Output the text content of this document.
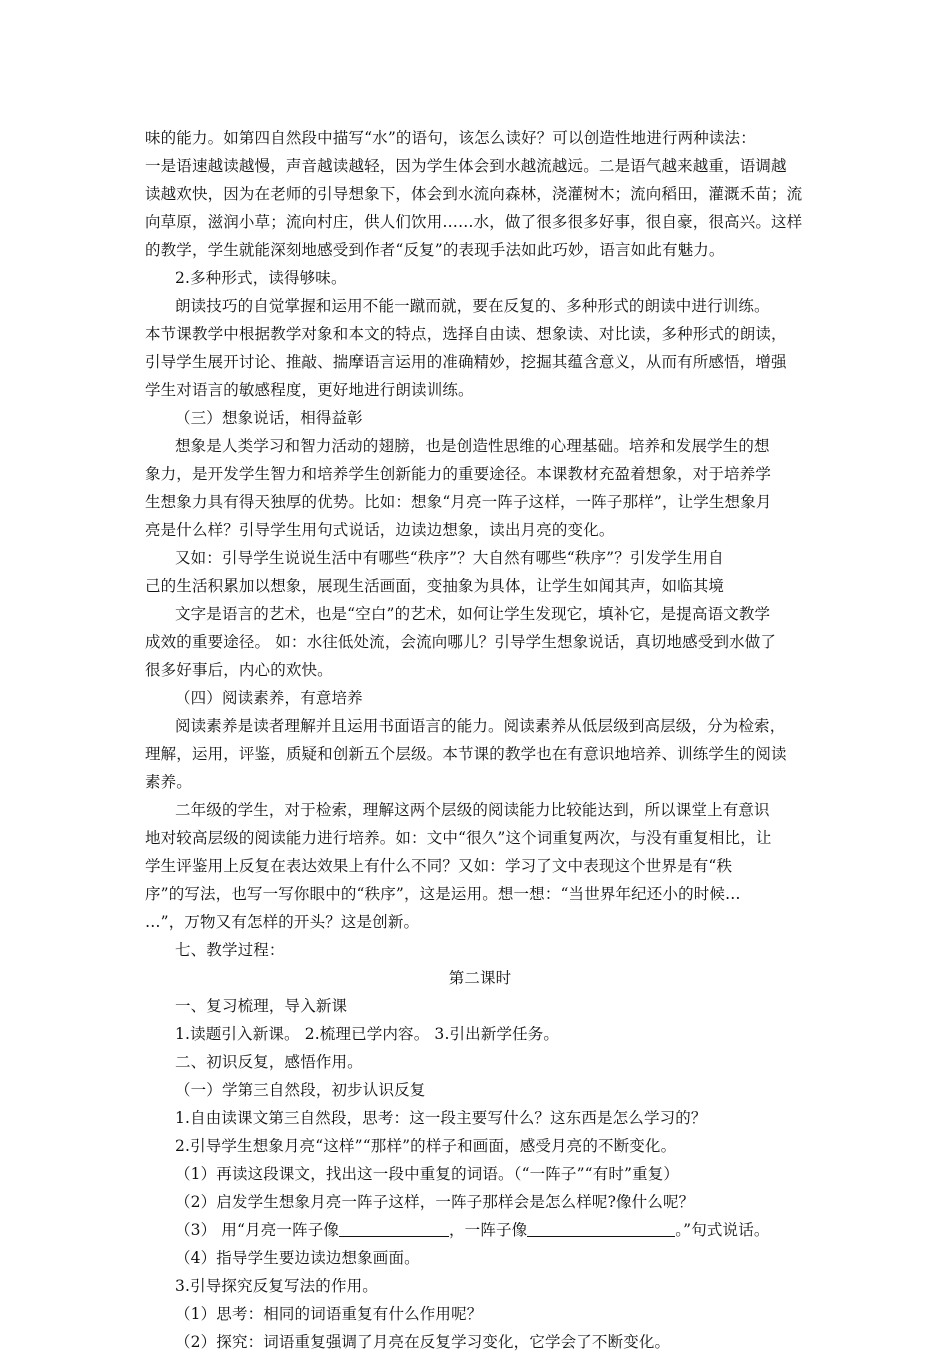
味的能力。如第四自然段中描写“水”的语句，该怎么读好？可以创造性地进行两种读法：
一是语速越读越慢，声音越读越轻，因为学生体会到水越流越远。二是语气越来越重，语调越
读越欢快，因为在老师的引导想象下，体会到水流向森林，浇灌树木；流向稻田，灌溉禾苗；流
向草原，滋润小草；流向村庄，供人们饮用……水，做了很多很多好事，很自豪，很高兴。这样
的教学，学生就能深刻地感受到作者“反复”的表现手法如此巧妙，语言如此有魅力。
2.多种形式，读得够味。
朗读技巧的自觉掌握和运用不能一蹴而就，要在反复的、多种形式的朗读中进行训练。
本节课教学中根据教学对象和本文的特点，选择自由读、想象读、对比读，多种形式的朗读，
引导学生展开讨论、推敲、揣摩语言运用的准确精妙，挖掘其蕴含意义，从而有所感悟，增强
学生对语言的敏感程度，更好地进行朗读训练。
（三）想象说话，相得益彰
想象是人类学习和智力活动的翅膀，也是创造性思维的心理基础。培养和发展学生的想
象力，是开发学生智力和培养学生创新能力的重要途径。本课教材充盈着想象，对于培养学
生想象力具有得天独厚的优势。比如：想象“月亮一阵子这样，一阵子那样”，让学生想象月
亮是什么样？引导学生用句式说话，边读边想象，读出月亮的变化。
又如：引导学生说说生活中有哪些“秩序”？大自然有哪些“秩序”？引发学生用自
己的生活积累加以想象，展现生活画面，变抽象为具体，让学生如闻其声，如临其境
文字是语言的艺术，也是“空白”的艺术，如何让学生发现它，填补它，是提高语文教学
成效的重要途径。 如：水往低处流，会流向哪儿？引导学生想象说话，真切地感受到水做了
很多好事后，内心的欢快。
（四）阅读素养，有意培养
阅读素养是读者理解并且运用书面语言的能力。阅读素养从低层级到高层级，分为检索，
理解，运用，评鉴，质疑和创新五个层级。本节课的教学也在有意识地培养、训练学生的阅读
素养。
二年级的学生，对于检索，理解这两个层级的阅读能力比较能达到，所以课堂上有意识
地对较高层级的阅读能力进行培养。如：文中“很久”这个词重复两次，与没有重复相比，让
学生评鉴用上反复在表达效果上有什么不同？又如：学习了文中表现这个世界是有“秩
序”的写法，也写一写你眼中的“秩序”，这是运用。想一想：“当世界年纪还小的时候…
…”，万物又有怎样的开头？这是创新。
七、教学过程：
第二课时
一、复习梳理，导入新课
1.读题引入新课。 2.梳理已学内容。 3.引出新学任务。
二、初识反复，感悟作用。
（一）学第三自然段，初步认识反复
1.自由读课文第三自然段，思考：这一段主要写什么？这东西是怎么学习的？
2.引导学生想象月亮“这样”“那样”的样子和画面，感受月亮的不断变化。
（1）再读这段课文，找出这一段中重复的词语。（“一阵子”“有时”重复）
（2）启发学生想象月亮一阵子这样，一阵子那样会是怎么样呢?像什么呢？
（3） 用“月亮一阵子像	，一阵子像	。”句式说话。
（4）指导学生要边读边想象画面。
3.引导探究反复写法的作用。
（1）思考：相同的词语重复有什么作用呢？
（2）探究：词语重复强调了月亮在反复学习变化，它学会了不断变化。
